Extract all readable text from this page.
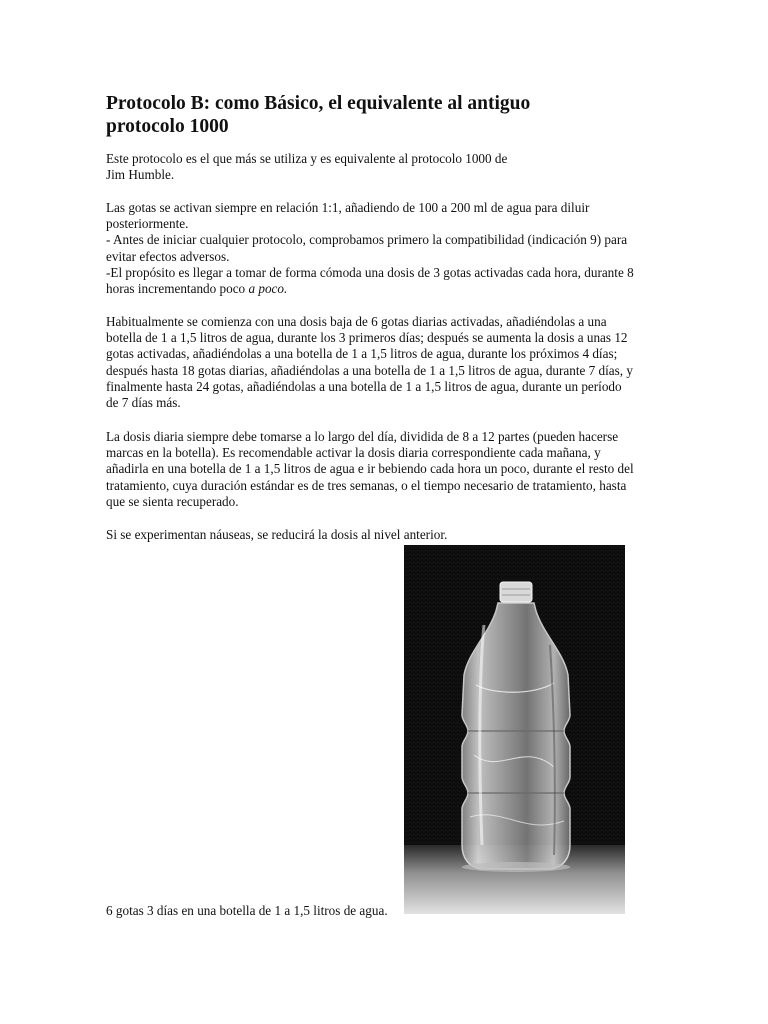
Protocolo B: como Básico, el equivalente al antiguo
protocolo 1000

Este protocolo es el que más se utiliza y es equivalente al protocolo 1000 de
Jim Humble.

Las gotas se activan siempre en relación 1:1, añadiendo de 100 a 200 ml de agua para diluir
posteriormente.
- Antes de iniciar cualquier protocolo, comprobamos primero la compatibilidad (indicación 9) para
evitar efectos adversos.
-El propósito es llegar a tomar de forma cómoda una dosis de 3 gotas activadas cada hora, durante 8
horas incrementando poco a poco.

Habitualmente se comienza con una dosis baja de 6 gotas diarias activadas, añadiéndolas a una
botella de 1 a 1,5 litros de agua, durante los 3 primeros días; después se aumenta la dosis a unas 12
gotas activadas, añadiéndolas a una botella de 1 a 1,5 litros de agua, durante los próximos 4 días;
después hasta 18 gotas diarias, añadiéndolas a una botella de 1 a 1,5 litros de agua, durante 7 días, y
finalmente hasta 24 gotas, añadiéndolas a una botella de 1 a 1,5 litros de agua, durante un período
de 7 días más.

La dosis diaria siempre debe tomarse a lo largo del día, dividida de 8 a 12 partes (pueden hacerse
marcas en la botella). Es recomendable activar la dosis diaria correspondiente cada mañana, y
añadirla en una botella de 1 a 1,5 litros de agua e ir bebiendo cada hora un poco, durante el resto del
tratamiento, cuya duración estándar es de tres semanas, o el tiempo necesario de tratamiento, hasta
que se sienta recuperado.

Si se experimentan náuseas, se reducirá la dosis al nivel anterior.

6 gotas 3 días en una botella de 1 a 1,5 litros de agua.
